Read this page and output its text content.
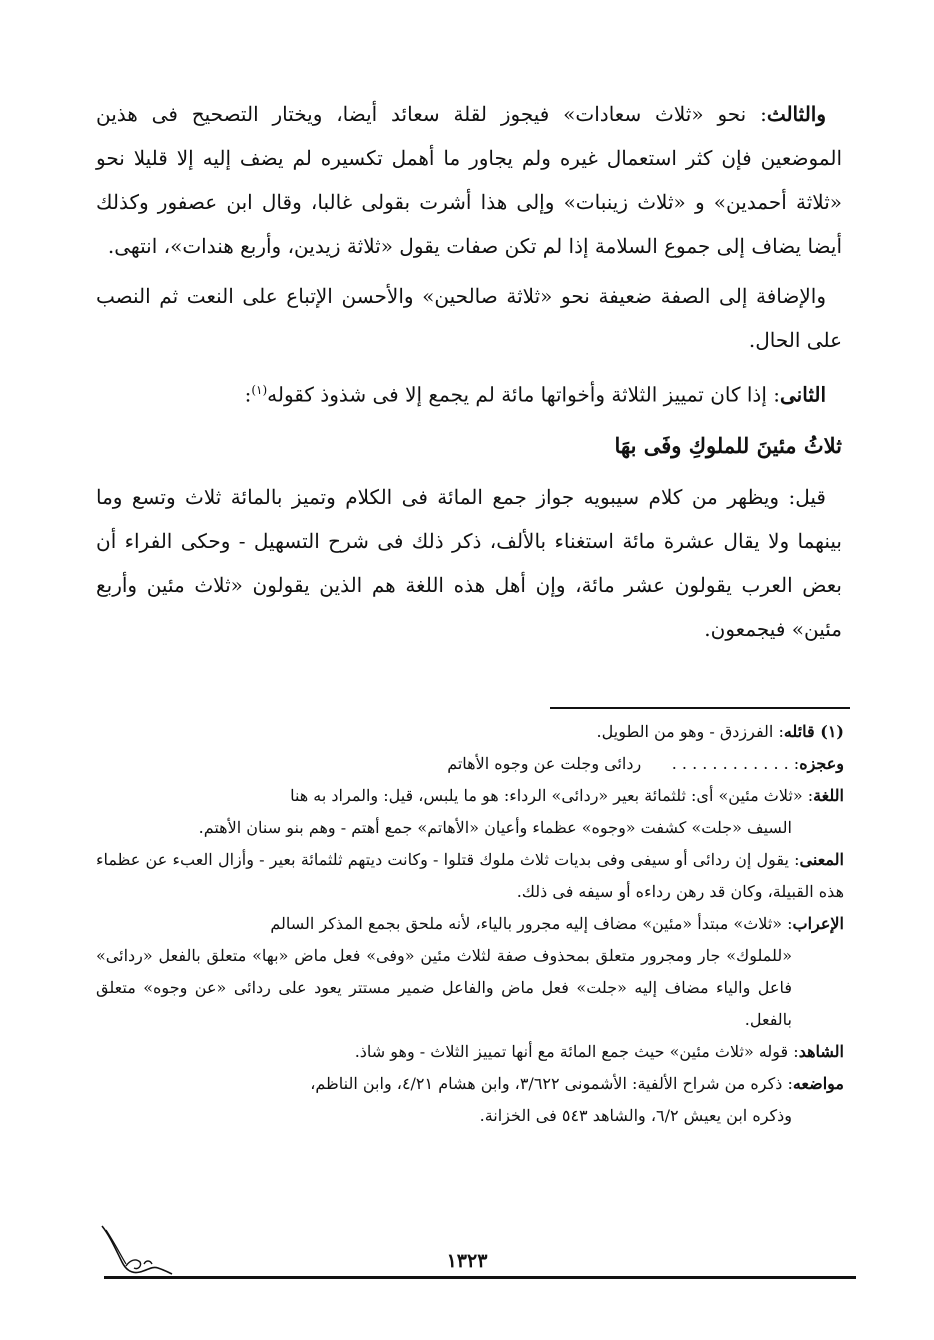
والثالث: نحو «ثلاث سعادات» فيجوز لقلة سعائد أيضا، ويختار التصحيح فى هذين الموضعين فإن كثر استعمال غيره ولم يجاور ما أهمل تكسيره لم يضف إليه إلا قليلا نحو «ثلاثة أحمدين» و «ثلاث زينبات» وإلى هذا أشرت بقولى غالبا، وقال ابن عصفور وكذلك أيضا يضاف إلى جموع السلامة إذا لم تكن صفات يقول «ثلاثة زيدين، وأربع هندات»، انتهى.

والإضافة إلى الصفة ضعيفة نحو «ثلاثة صالحين» والأحسن الإتباع على النعت ثم النصب على الحال.

الثانى: إذا كان تمييز الثلاثة وأخواتها مائة لم يجمع إلا فى شذوذ كقوله$^{(١)}$:

ثلاثُ مئينَ للملوكِ وفَى بهَا

قيل: ويظهر من كلام سيبويه جواز جمع المائة فى الكلام وتميز بالمائة ثلاث وتسع وما بينهما ولا يقال عشرة مائة استغناء بالألف، ذكر ذلك فى شرح التسهيل - وحكى الفراء أن بعض العرب يقولون عشر مائة، وإن أهل هذه اللغة هم الذين يقولون «ثلاث مئين وأربع مئين» فيجمعون.

(١) قائله: الفرزدق - وهو من الطويل.

وعجزه: . . . . . . . . . . . .      ردائى وجلت عن وجوه الأهاتم

اللغة: «ثلاث مئين» أى: ثلثمائة بعير «ردائى» الرداء: هو ما يلبس، قيل: والمراد به هنا

السيف «جلت» كشفت «وجوه» عظماء وأعيان «الأهاتم» جمع أهتم - وهم بنو سنان الأهتم.

المعنى: يقول إن ردائى أو سيفى وفى بديات ثلاث ملوك قتلوا - وكانت ديتهم ثلثمائة بعير - وأزال العبء عن عظماء هذه القبيلة، وكان قد رهن رداءه أو سيفه فى ذلك.

الإعراب: «ثلاث» مبتدأ «مئين» مضاف إليه مجرور بالياء، لأنه ملحق بجمع المذكر السالم

«للملوك» جار ومجرور متعلق بمحذوف صفة لثلاث مئين «وفى» فعل ماض «بها» متعلق بالفعل «ردائى» فاعل والياء مضاف إليه «جلت» فعل ماض والفاعل ضمير مستتر يعود على ردائى «عن وجوه» متعلق بالفعل.

الشاهد: قوله «ثلاث مئين» حيث جمع المائة مع أنها تمييز الثلاث - وهو شاذ.

مواضعه: ذكره من شراح الألفية: الأشمونى ٣/٦٢٢، وابن هشام ٤/٢١، وابن الناظم،

وذكره ابن يعيش ٦/٢، والشاهد ٥٤٣ فى الخزانة.

١٣٢٣
